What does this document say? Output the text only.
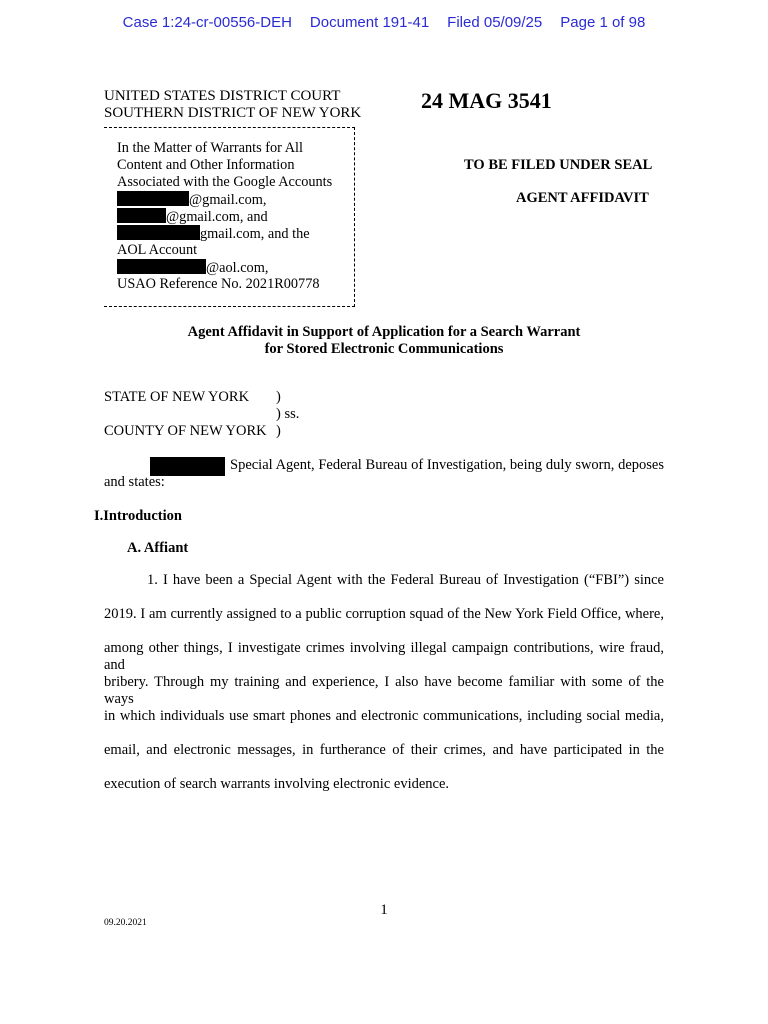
Case 1:24-cr-00556-DEH Document 191-41 Filed 05/09/25 Page 1 of 98
UNITED STATES DISTRICT COURT
SOUTHERN DISTRICT OF NEW YORK	24 MAG 3541
In the Matter of Warrants for All
Content and Other Information
Associated with the Google Accounts
@gmail.com,
@gmail.com, and
gmail.com, and the
AOL Account
@aol.com,
USAO Reference No. 2021R00778
TO BE FILED UNDER SEAL
AGENT AFFIDAVIT
Agent Affidavit in Support of Application for a Search Warrant
for Stored Electronic Communications
STATE OF NEW YORK
COUNTY OF NEW YORK
)
) ss.
)
Special Agent, Federal Bureau of Investigation, being duly sworn, deposes
and states:
I.Introduction
A. Affiant
1. I have been a Special Agent with the Federal Bureau of Investigation (“FBI”) since
2019. I am currently assigned to a public corruption squad of the New York Field Office, where,
among other things, I investigate crimes involving illegal campaign contributions, wire fraud, and
bribery. Through my training and experience, I also have become familiar with some of the ways
in which individuals use smart phones and electronic communications, including social media,
email, and electronic messages, in furtherance of their crimes, and have participated in the
execution of search warrants involving electronic evidence.
1
09.20.2021
